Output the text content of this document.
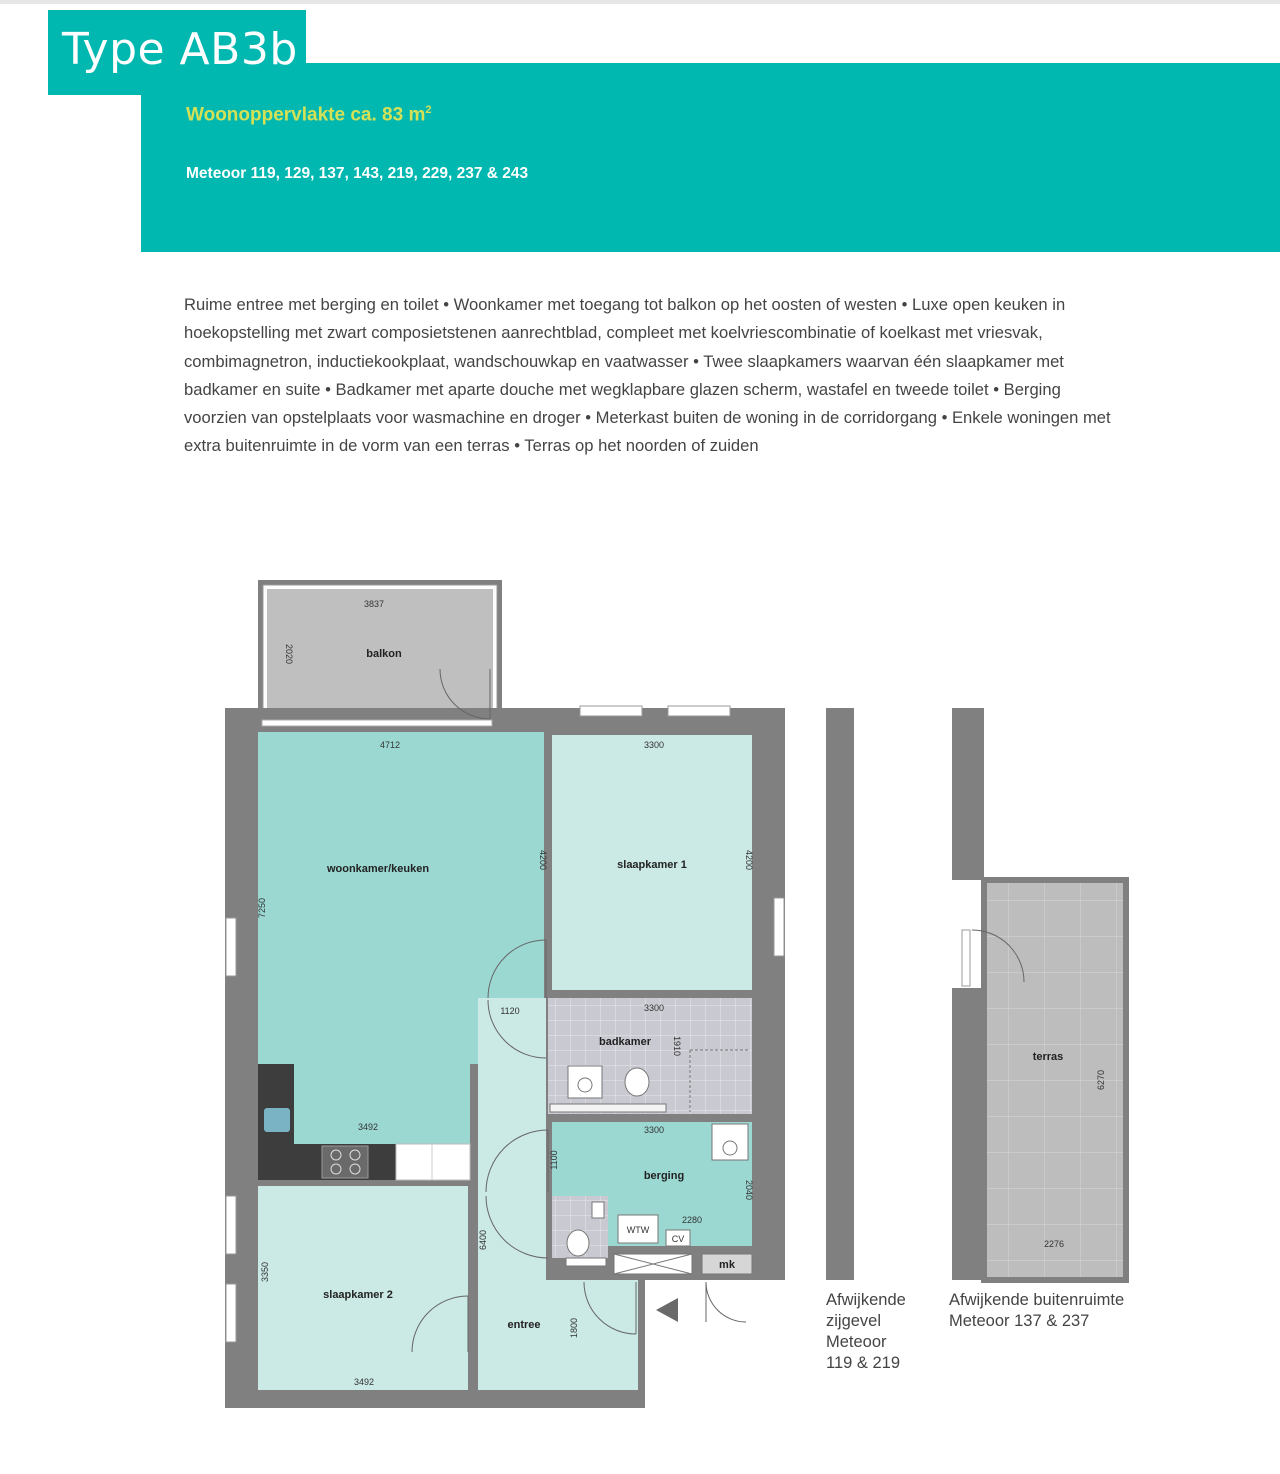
Type AB3b
Woonoppervlakte ca. 83 $m^2$
Meteoor 119, 129, 137, 143, 219, 229, 237 & 243
Ruime entree met berging en toilet • Woonkamer met toegang tot balkon op het oosten of westen • Luxe open keuken in hoekopstelling met zwart composietstenen aanrechtblad, compleet met koelvriescombinatie of koelkast met vriesvak, combimagnetron, inductiekookplaat, wandschouwkap en vaatwasser • Twee slaapkamers waarvan één slaapkamer met badkamer en suite • Badkamer met aparte douche met wegklapbare glazen scherm, wastafel en tweede toilet • Berging voorzien van opstelplaats voor wasmachine en droger • Meterkast buiten de woning in de corridorgang • Enkele woningen met extra buitenruimte in de vorm van een terras • Terras op het noorden of zuiden
WTW
CV
mk
balkon
woonkamer/keuken	slaapkamer 1
badkamer
berging
slaapkamer 2
entree
terras
3837
4712	3300
1120	3300
3492	3300
2280
3492
2276
2020
7250
4200	4200
1910
1100
2040
6400
3350
1800
6270
Afwijkende
zijgevel
Meteoor
119 & 219
Afwijkende buitenruimte
Meteoor 137 & 237
